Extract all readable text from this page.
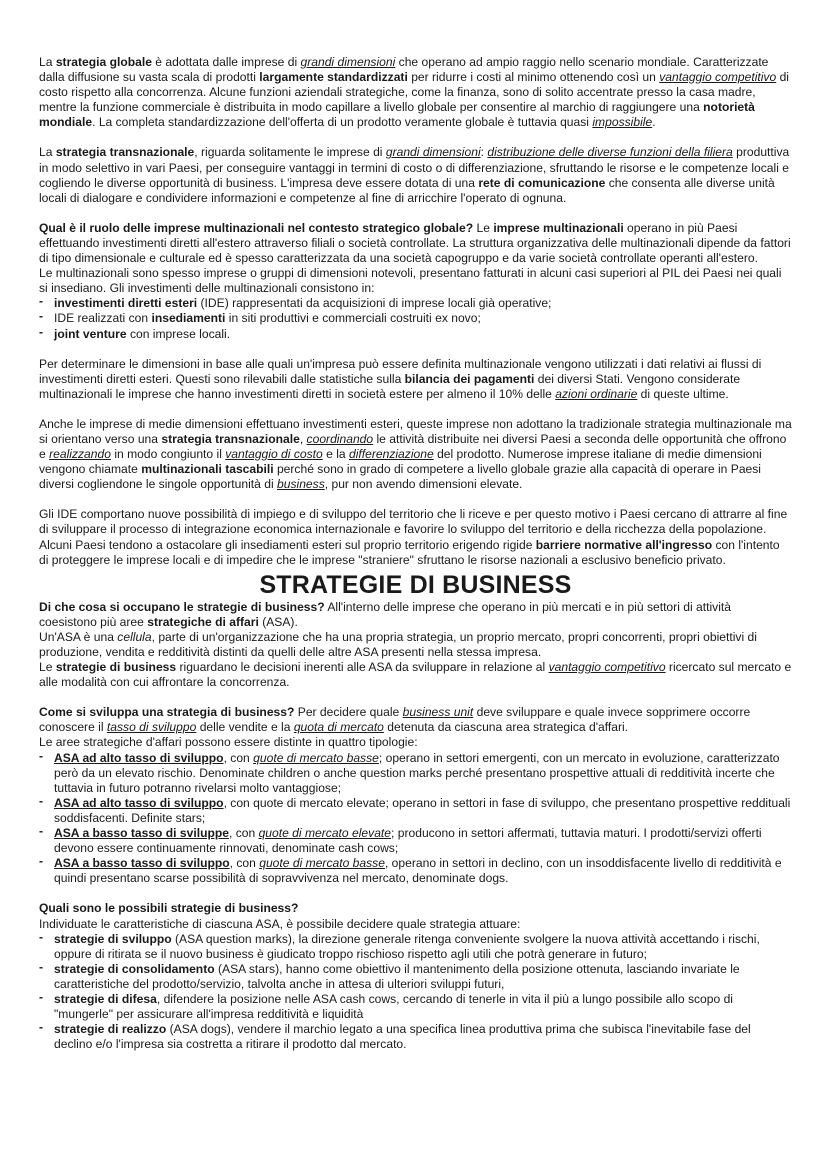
La strategia globale è adottata dalle imprese di grandi dimensioni che operano ad ampio raggio nello scenario mondiale. Caratterizzate dalla diffusione su vasta scala di prodotti largamente standardizzati per ridurre i costi al minimo ottenendo così un vantaggio competitivo di costo rispetto alla concorrenza. Alcune funzioni aziendali strategiche, come la finanza, sono di solito accentrate presso la casa madre, mentre la funzione commerciale è distribuita in modo capillare a livello globale per consentire al marchio di raggiungere una notorietà mondiale. La completa standardizzazione dell'offerta di un prodotto veramente globale è tuttavia quasi impossibile.

La strategia transnazionale, riguarda solitamente le imprese di grandi dimensioni: distribuzione delle diverse funzioni della filiera produttiva in modo selettivo in vari Paesi, per conseguire vantaggi in termini di costo o di differenziazione, sfruttando le risorse e le competenze locali e cogliendo le diverse opportunità di business. L'impresa deve essere dotata di una rete di comunicazione che consenta alle diverse unità locali di dialogare e condividere informazioni e competenze al fine di arricchire l'operato di ognuna.

Qual è il ruolo delle imprese multinazionali nel contesto strategico globale? Le imprese multinazionali operano in più Paesi effettuando investimenti diretti all'estero attraverso filiali o società controllate. La struttura organizzativa delle multinazionali dipende da fattori di tipo dimensionale e culturale ed è spesso caratterizzata da una società capogruppo e da varie società controllate operanti all'estero.

Le multinazionali sono spesso imprese o gruppi di dimensioni notevoli, presentano fatturati in alcuni casi superiori al PIL dei Paesi nei quali si insediano. Gli investimenti delle multinazionali consistono in:

- investimenti diretti esteri (IDE) rappresentati da acquisizioni di imprese locali già operative;
- IDE realizzati con insediamenti in siti produttivi e commerciali costruiti ex novo;
- joint venture con imprese locali.

Per determinare le dimensioni in base alle quali un'impresa può essere definita multinazionale vengono utilizzati i dati relativi ai flussi di investimenti diretti esteri. Questi sono rilevabili dalle statistiche sulla bilancia dei pagamenti dei diversi Stati. Vengono considerate multinazionali le imprese che hanno investimenti diretti in società estere per almeno il 10% delle azioni ordinarie di queste ultime.

Anche le imprese di medie dimensioni effettuano investimenti esteri, queste imprese non adottano la tradizionale strategia multinazionale ma si orientano verso una strategia transnazionale, coordinando le attività distribuite nei diversi Paesi a seconda delle opportunità che offrono e realizzando in modo congiunto il vantaggio di costo e la differenziazione del prodotto. Numerose imprese italiane di medie dimensioni vengono chiamate multinazionali tascabili perché sono in grado di competere a livello globale grazie alla capacità di operare in Paesi diversi cogliendone le singole opportunità di business, pur non avendo dimensioni elevate.

Gli IDE comportano nuove possibilità di impiego e di sviluppo del territorio che li riceve e per questo motivo i Paesi cercano di attrarre al fine di sviluppare il processo di integrazione economica internazionale e favorire lo sviluppo del territorio e della ricchezza della popolazione. Alcuni Paesi tendono a ostacolare gli insediamenti esteri sul proprio territorio erigendo rigide barriere normative all'ingresso con l'intento di proteggere le imprese locali e di impedire che le imprese "straniere" sfruttano le risorse nazionali a esclusivo beneficio privato.

STRATEGIE DI BUSINESS

Di che cosa si occupano le strategie di business? All'interno delle imprese che operano in più mercati e in più settori di attività coesistono più aree strategiche di affari (ASA).

Un'ASA è una cellula, parte di un'organizzazione che ha una propria strategia, un proprio mercato, propri concorrenti, propri obiettivi di produzione, vendita e redditività distinti da quelli delle altre ASA presenti nella stessa impresa.

Le strategie di business riguardano le decisioni inerenti alle ASA da sviluppare in relazione al vantaggio competitivo ricercato sul mercato e alle modalità con cui affrontare la concorrenza.

Come si sviluppa una strategia di business? Per decidere quale business unit deve sviluppare e quale invece sopprimere occorre conoscere il tasso di sviluppo delle vendite e la quota di mercato detenuta da ciascuna area strategica d'affari.

Le aree strategiche d'affari possono essere distinte in quattro tipologie:

- ASA ad alto tasso di sviluppo, con quote di mercato basse; operano in settori emergenti, con un mercato in evoluzione, caratterizzato però da un elevato rischio. Denominate children o anche question marks perché presentano prospettive attuali di redditività incerte che tuttavia in futuro potranno rivelarsi molto vantaggiose;
- ASA ad alto tasso di sviluppo, con quote di mercato elevate; operano in settori in fase di sviluppo, che presentano prospettive reddituali soddisfacenti. Definite stars;
- ASA a basso tasso di sviluppe, con quote di mercato elevate; producono in settori affermati, tuttavia maturi. I prodotti/servizi offerti devono essere continuamente rinnovati, denominate cash cows;
- ASA a basso tasso di sviluppo, con quote di mercato basse, operano in settori in declino, con un insoddisfacente livello di redditività e quindi presentano scarse possibilità di sopravvivenza nel mercato, denominate dogs.

Quali sono le possibili strategie di business?

Individuate le caratteristiche di ciascuna ASA, è possibile decidere quale strategia attuare:

- strategie di sviluppo (ASA question marks), la direzione generale ritenga conveniente svolgere la nuova attività accettando i rischi, oppure di ritirata se il nuovo business è giudicato troppo rischioso rispetto agli utili che potrà generare in futuro;
- strategie di consolidamento (ASA stars), hanno come obiettivo il mantenimento della posizione ottenuta, lasciando invariate le caratteristiche del prodotto/servizio, talvolta anche in attesa di ulteriori sviluppi futuri,
- strategie di difesa, difendere la posizione nelle ASA cash cows, cercando di tenerle in vita il più a lungo possibile allo scopo di "mungerle" per assicurare all'impresa redditività e liquidità
- strategie di realizzo (ASA dogs), vendere il marchio legato a una specifica linea produttiva prima che subisca l'inevitabile fase del declino e/o l'impresa sia costretta a ritirare il prodotto dal mercato.
